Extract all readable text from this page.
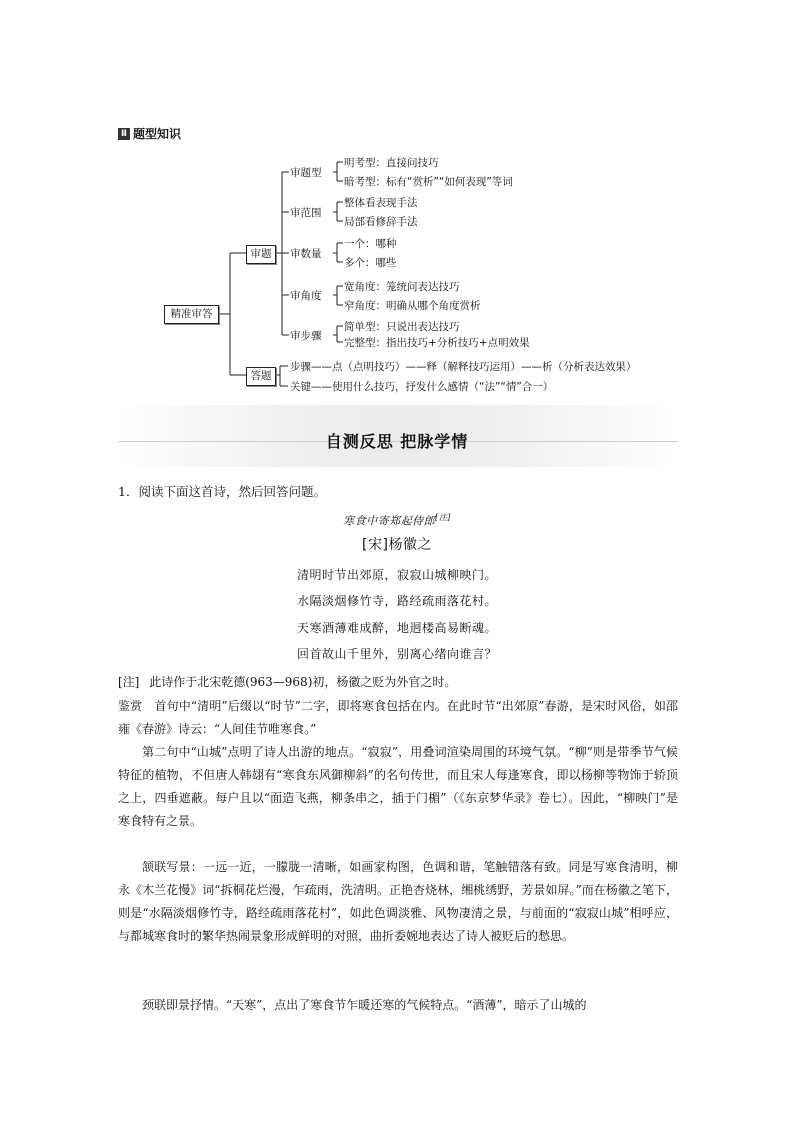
Ⅱ 题型知识
精准审答
审题
答题
审题型
审范围
审数量
审角度
审步骤
明考型：直接问技巧
暗考型：标有“赏析”“如何表现”等词
整体看表现手法
局部看修辞手法
一个：哪种
多个：哪些
宽角度：笼统问表达技巧
窄角度：明确从哪个角度赏析
简单型：只说出表达技巧
完整型：指出技巧+分析技巧+点明效果
步骤——点（点明技巧）——释（解释技巧运用）——析（分析表达效果）
关键——使用什么技巧，抒发什么感情（“法”“情”合一）
自测反思 把脉学情
1．阅读下面这首诗，然后回答问题。
寒食中寄郑起侍郎[注]
[宋]杨徽之
清明时节出郊原，寂寂山城柳映门。
水隔淡烟修竹寺，路经疏雨落花村。
天寒酒薄难成醉，地迥楼高易断魂。
回首故山千里外，别离心绪向谁言？
[注] 此诗作于北宋乾德(963—968)初，杨徽之贬为外官之时。
鉴赏　首句中“清明”后缀以“时节”二字，即将寒食包括在内。在此时节“出郊原”春游，是宋时风俗，如邵雍《春游》诗云：“人间佳节唯寒食。”
第二句中“山城”点明了诗人出游的地点。“寂寂”，用叠词渲染周围的环境气氛。“柳”则是带季节气候特征的植物，不但唐人韩翃有“寒食东风御柳斜”的名句传世，而且宋人每逢寒食，即以杨柳等物饰于轿顶之上，四垂遮蔽。每户且以“面造飞燕，柳条串之，插于门楣”（《东京梦华录》卷七）。因此，“柳映门”是寒食特有之景。
颔联写景：一远一近，一朦胧一清晰，如画家构图，色调和谐，笔触错落有致。同是写寒食清明，柳永《木兰花慢》词“拆桐花烂漫，乍疏雨，洗清明。正艳杏烧林，缃桃绣野，芳景如屏。”而在杨徽之笔下，则是“水隔淡烟修竹寺，路经疏雨落花村”，如此色调淡雅、风物凄清之景，与前面的“寂寂山城”相呼应，与都城寒食时的繁华热闹景象形成鲜明的对照，曲折委婉地表达了诗人被贬后的愁思。
颈联即景抒情。“天寒”，点出了寒食节乍暖还寒的气候特点。“酒薄”，暗示了山城的
